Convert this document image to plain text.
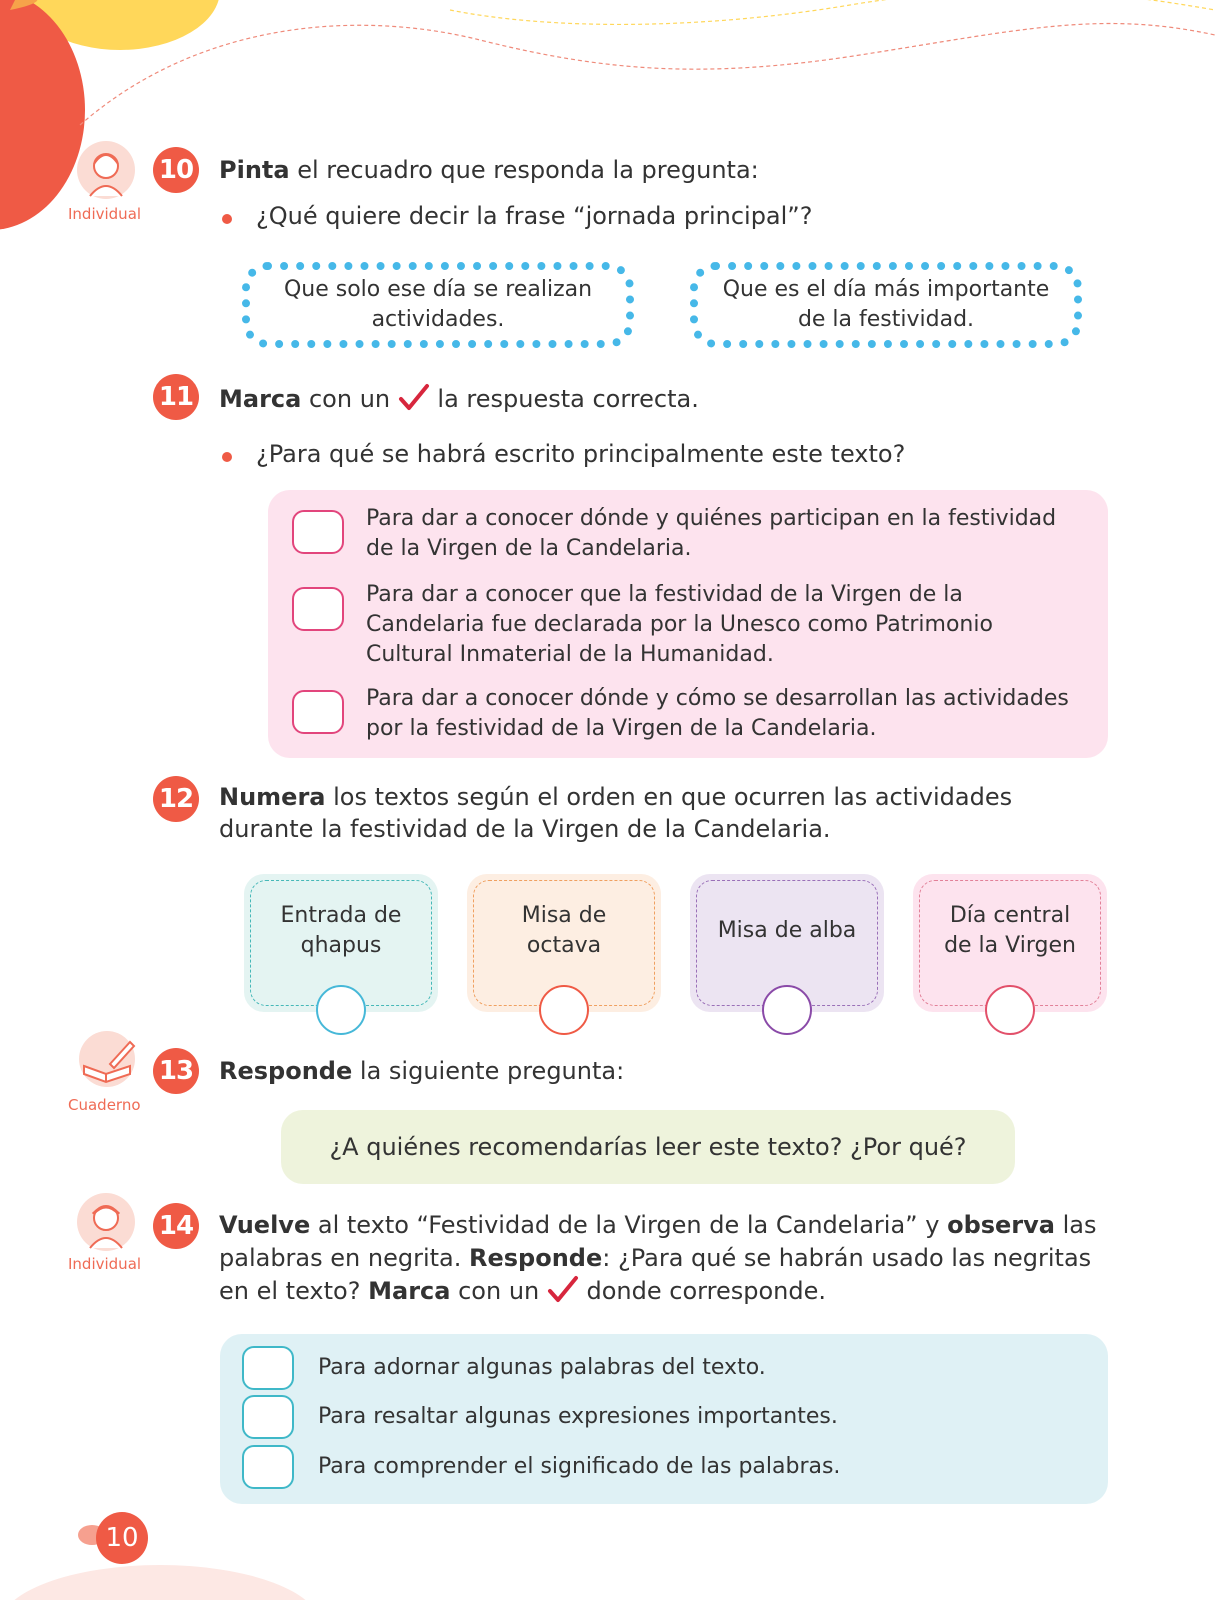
Individual
Cuaderno
Individual
10 Pinta el recuadro que responda la pregunta:
¿Qué quiere decir la frase “jornada principal”?
Que solo ese día se realizan actividades.
Que es el día más importante de la festividad.
11 Marca con un la respuesta correcta.
¿Para qué se habrá escrito principalmente este texto?
Para dar a conocer dónde y quiénes participan en la festividad de la Virgen de la Candelaria.
Para dar a conocer que la festividad de la Virgen de la Candelaria fue declarada por la Unesco como Patrimonio Cultural Inmaterial de la Humanidad.
Para dar a conocer dónde y cómo se desarrollan las actividades por la festividad de la Virgen de la Candelaria.
12 Numera los textos según el orden en que ocurren las actividades durante la festividad de la Virgen de la Candelaria.
Entrada de qhapus
Misa de octava
Misa de alba
Día central de la Virgen
13 Responde la siguiente pregunta:
¿A quiénes recomendarías leer este texto? ¿Por qué?
14 Vuelve al texto “Festividad de la Virgen de la Candelaria” y observa las palabras en negrita. Responde: ¿Para qué se habrán usado las negritas en el texto? Marca con un donde corresponde.
Para adornar algunas palabras del texto.
Para resaltar algunas expresiones importantes.
Para comprender el significado de las palabras.
10
